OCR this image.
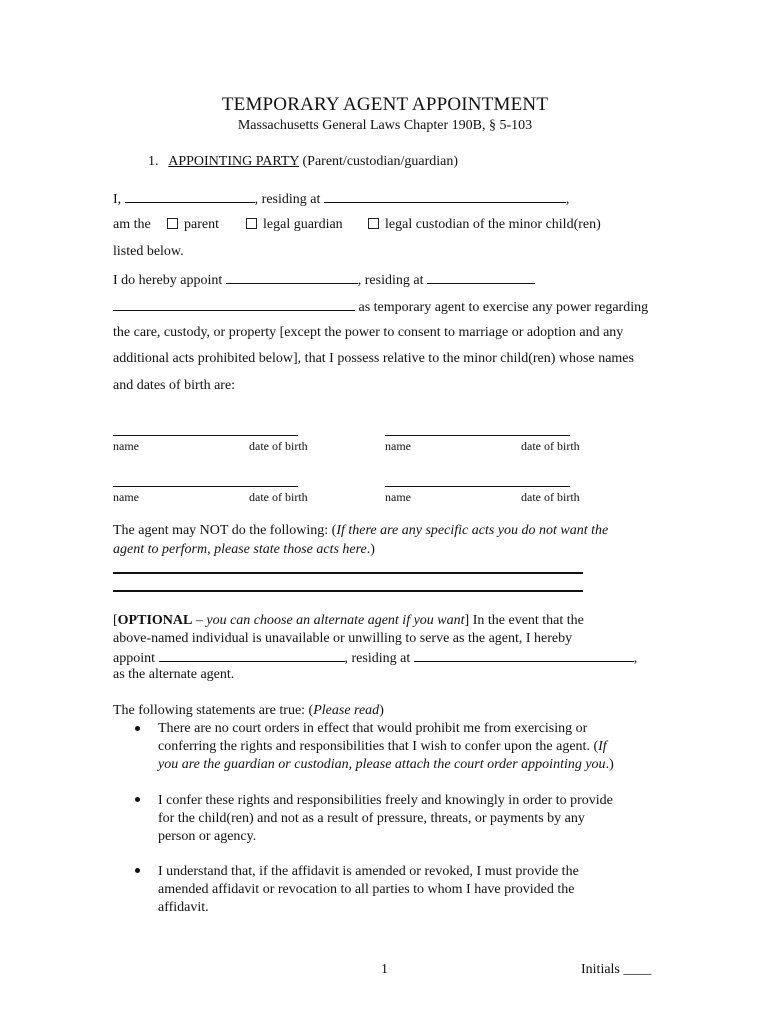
TEMPORARY AGENT APPOINTMENT
Massachusetts General Laws Chapter 190B, § 5-103
1. APPOINTING PARTY (Parent/custodian/guardian)
I,	, residing at	,
am the	parent	legal guardian	legal custodian of the minor child(ren)
listed below.
I do hereby appoint	, residing at
as temporary agent to exercise any power regarding
the care, custody, or property [except the power to consent to marriage or adoption and any
additional acts prohibited below], that I possess relative to the minor child(ren) whose names
and dates of birth are:
name	date of birth	name	date of birth
name	date of birth	name	date of birth
The agent may NOT do the following: (If there are any specific acts you do not want the
agent to perform, please state those acts here.)
[OPTIONAL – you can choose an alternate agent if you want] In the event that the
above-named individual is unavailable or unwilling to serve as the agent, I hereby
appoint	, residing at	,
as the alternate agent.
The following statements are true: (Please read)
There are no court orders in effect that would prohibit me from exercising or
conferring the rights and responsibilities that I wish to confer upon the agent. (If
you are the guardian or custodian, please attach the court order appointing you.)
I confer these rights and responsibilities freely and knowingly in order to provide
for the child(ren) and not as a result of pressure, threats, or payments by any
person or agency.
I understand that, if the affidavit is amended or revoked, I must provide the
amended affidavit or revocation to all parties to whom I have provided the
affidavit.
1	Initials ____
